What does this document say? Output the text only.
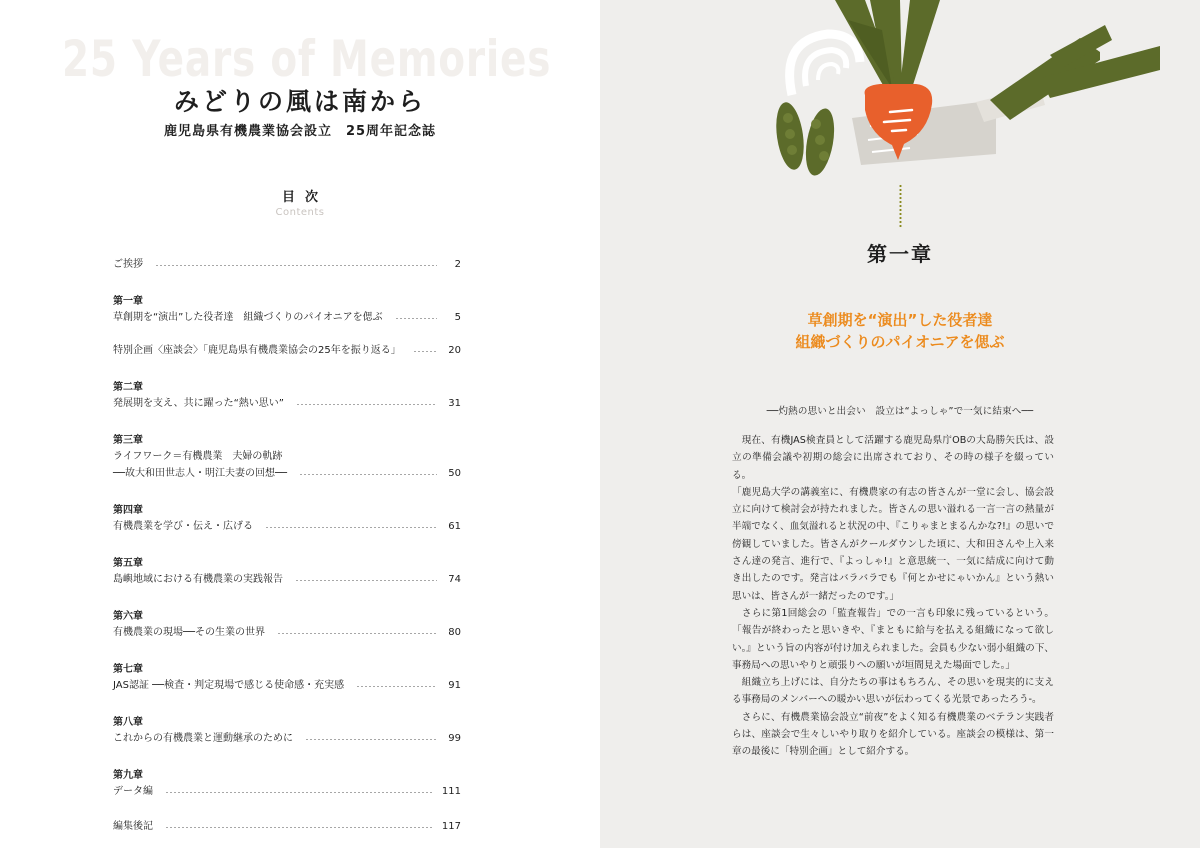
25 Years of Memories
みどりの風は南から
鹿児島県有機農業協会設立　25周年記念誌
目次
Contents
ご挨拶	2
第一章
草創期を“演出”した役者達　組織づくりのパイオニアを偲ぶ	5
特別企画〈座談会〉「鹿児島県有機農業協会の25年を振り返る」	20
第二章
発展期を支え、共に躍った“熱い思い”	31
第三章
ライフワーク＝有機農業　夫婦の軌跡
──故大和田世志人・明江夫妻の回想──	50
第四章
有機農業を学び・伝え・広げる	61
第五章
島嶼地域における有機農業の実践報告	74
第六章
有機農業の現場──その生業の世界	80
第七章
JAS認証 ──検査・判定現場で感じる使命感・充実感	91
第八章
これからの有機農業と運動継承のために	99
第九章
データ編	111
編集後記	117
第一章
草創期を“演出”した役者達
組織づくりのパイオニアを偲ぶ
──灼熱の思いと出会い　設立は“よっしゃ”で一気に結束へ──

　現在、有機JAS検査員として活躍する鹿児島県庁OBの大島勝矢氏は、設立の準備会議や初期の総会に出席されており、その時の様子を綴っている。

「鹿児島大学の講義室に、有機農家の有志の皆さんが一堂に会し、協会設立に向けて検討会が持たれました。皆さんの思い溢れる一言一言の熱量が半端でなく、血気溢れると状況の中、『こりゃまとまるんかな?!』の思いで傍観していました。皆さんがクールダウンした頃に、大和田さんや上入来さん達の発言、進行で、『よっしゃ!』と意思統一、一気に結成に向けて動き出したのです。発言はバラバラでも『何とかせにゃいかん』という熱い思いは、皆さんが一緒だったのです。」

　さらに第1回総会の「監査報告」での一言も印象に残っているという。「報告が終わったと思いきや、『まともに給与を払える組織になって欲しい。』という旨の内容が付け加えられました。会員も少ない弱小組織の下、事務局への思いやりと頑張りへの願いが垣間見えた場面でした。」

　組織立ち上げには、自分たちの事はもちろん、その思いを現実的に支える事務局のメンバーへの暖かい思いが伝わってくる光景であったろう-。

　さらに、有機農業協会設立“前夜”をよく知る有機農業のベテラン実践者らは、座談会で生々しいやり取りを紹介している。座談会の模様は、第一章の最後に「特別企画」として紹介する。
